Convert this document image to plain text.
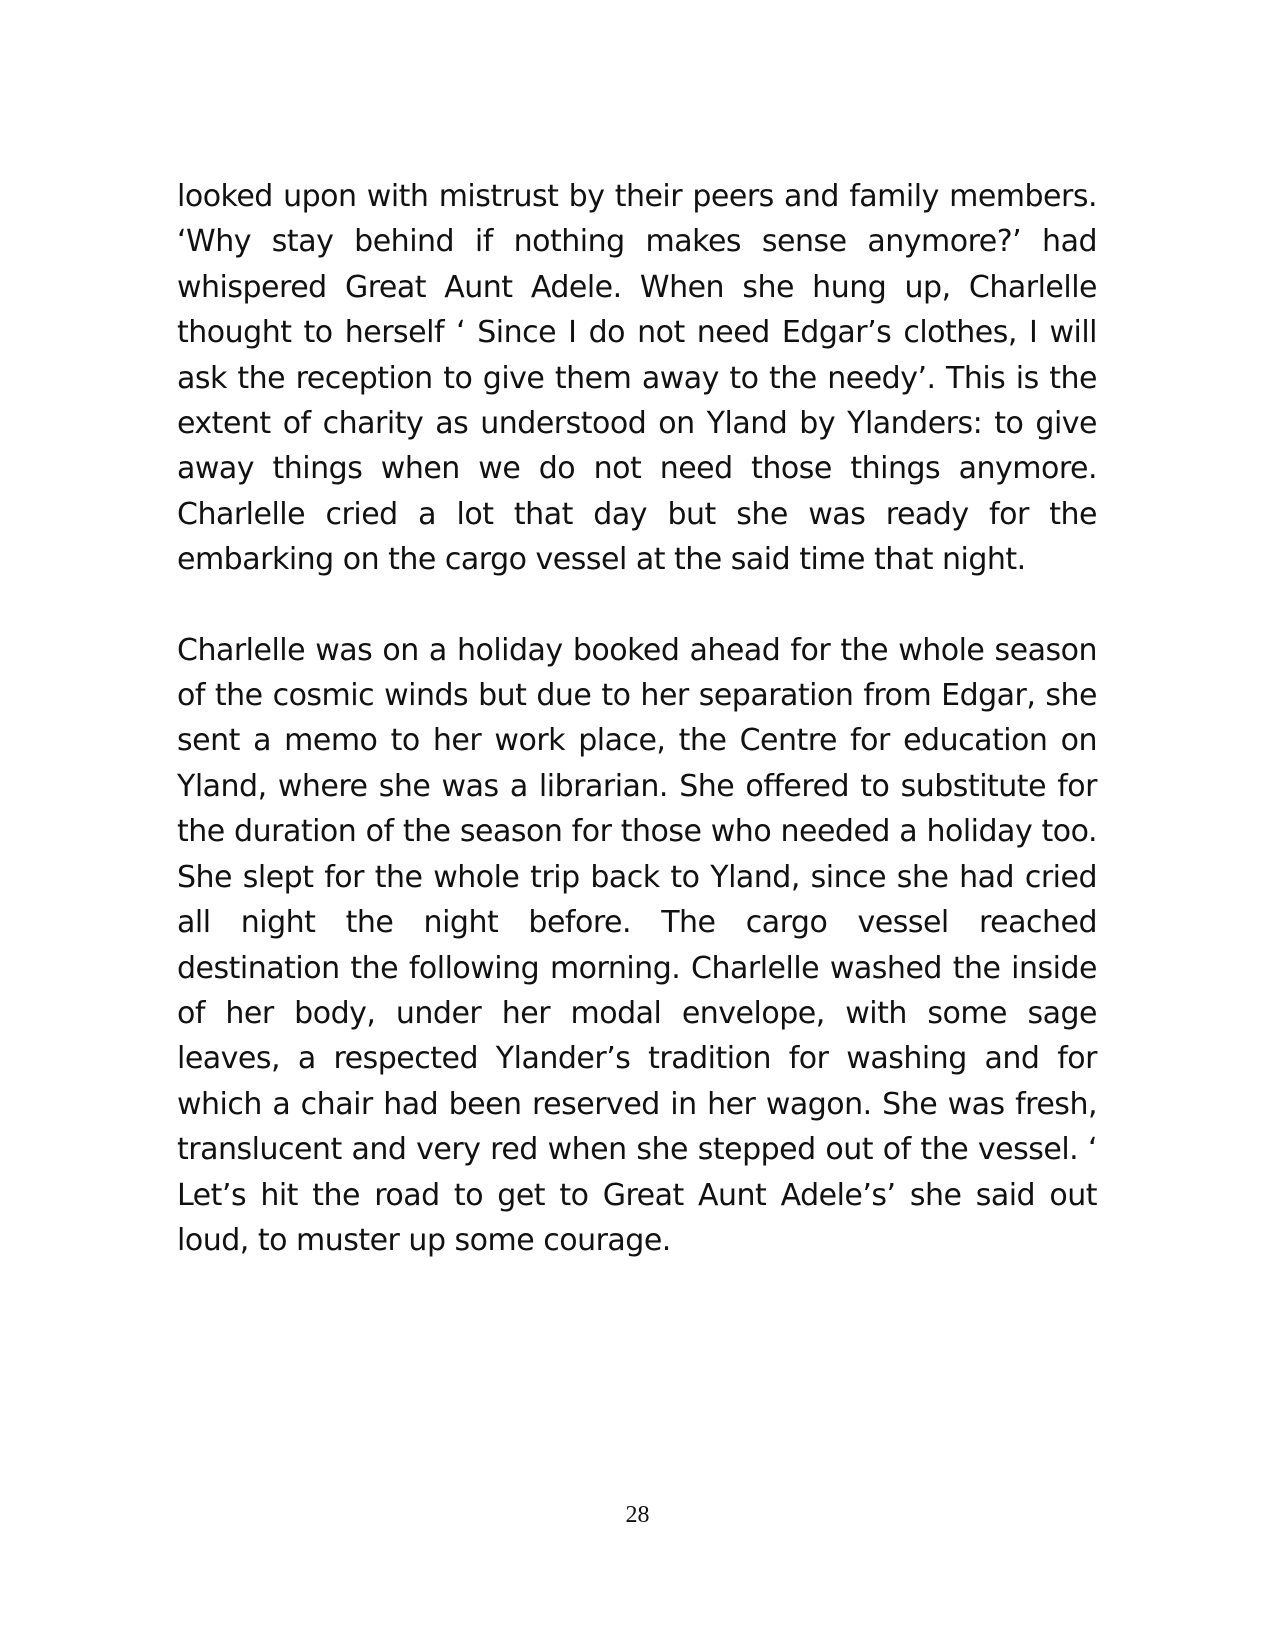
looked upon with mistrust by their peers and family members. ‘Why stay behind if nothing makes sense anymore?’ had whispered Great Aunt Adele. When she hung up, Charlelle thought to herself ‘ Since I do not need Edgar’s clothes, I will ask the reception to give them away to the needy’. This is the extent of charity as understood on Yland by Ylanders: to give away things when we do not need those things anymore. Charlelle cried a lot that day but she was ready for the embarking on the cargo vessel at the said time that night.

Charlelle was on a holiday booked ahead for the whole season of the cosmic winds but due to her separation from Edgar, she sent a memo to her work place, the Centre for education on Yland, where she was a librarian. She offered to substitute for the duration of the season for those who needed a holiday too. She slept for the whole trip back to Yland, since she had cried all night the night before. The cargo vessel reached destination the following morning. Charlelle washed the inside of her body, under her modal envelope, with some sage leaves, a respected Ylander’s tradition for washing and for which a chair had been reserved in her wagon. She was fresh, translucent and very red when she stepped out of the vessel. ‘ Let’s hit the road to get to Great Aunt Adele’s’ she said out loud, to muster up some courage.

28
